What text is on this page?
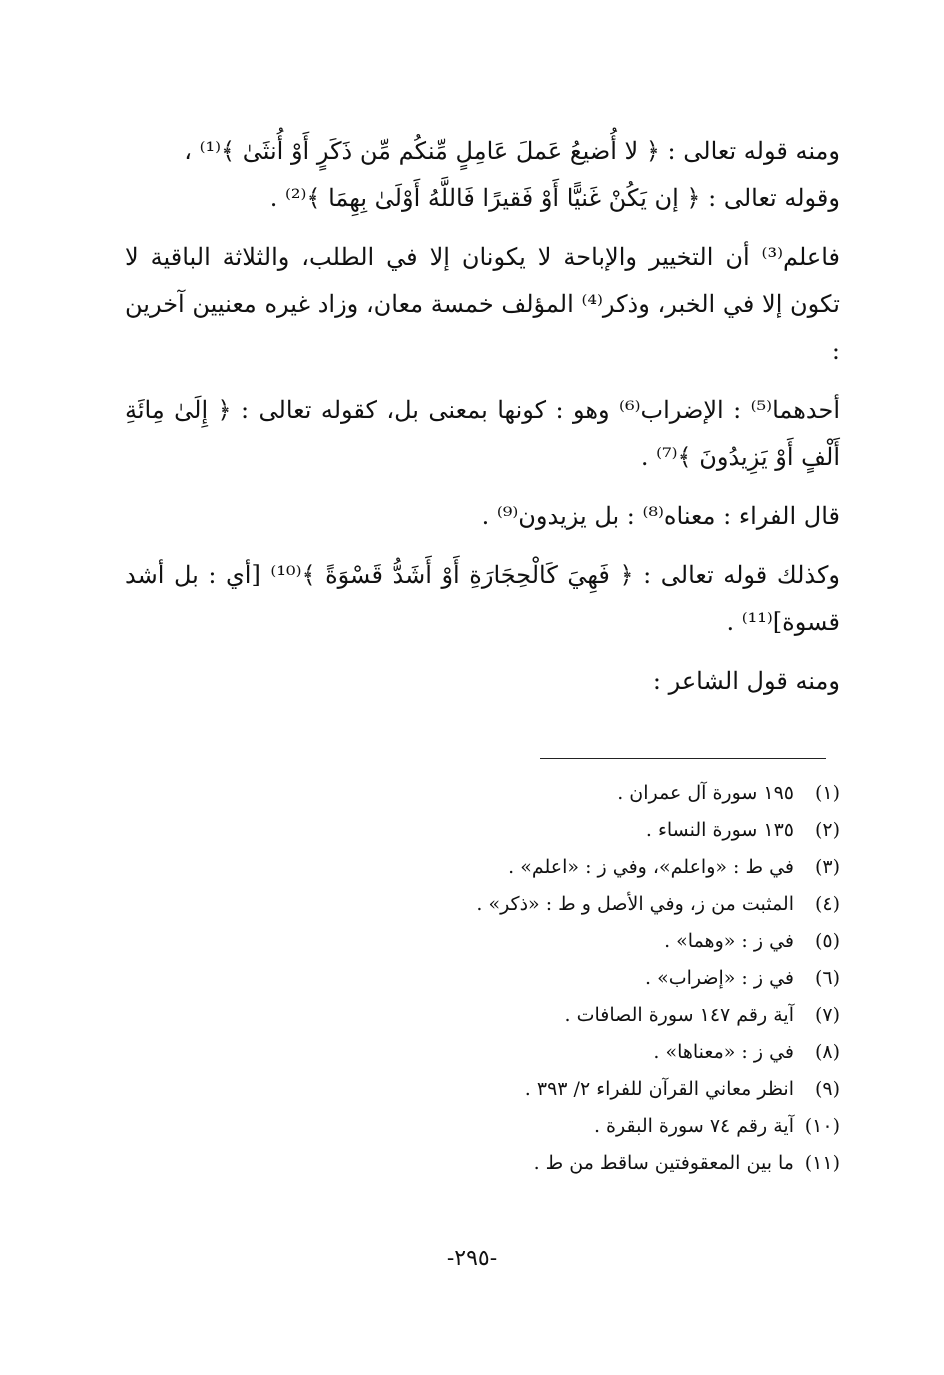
ومنه قوله تعالى : ﴿ لا أُضيعُ عَملَ عَامِلٍ مِّنكُم مِّن ذَكَرٍ أَوْ أُنثَىٰ ﴾⁽¹⁾ ،
وقوله تعالى : ﴿ إن يَكُنْ غَنيًّا أَوْ فَقيرًا فَاللَّهُ أَوْلَىٰ بِهِمَا ﴾⁽²⁾ .

فاعلم⁽³⁾ أن التخيير والإباحة لا يكونان إلا في الطلب، والثلاثة الباقية لا تكون إلا في الخبر، وذكر⁽⁴⁾ المؤلف خمسة معان، وزاد غيره معنيين آخرين :

أحدهما⁽⁵⁾ : الإضراب⁽⁶⁾ وهو : كونها بمعنى بل، كقوله تعالى : ﴿ إِلَىٰ مِائَةِ أَلْفٍ أَوْ يَزِيدُونَ ﴾⁽⁷⁾ .

قال الفراء : معناه⁽⁸⁾ : بل يزيدون⁽⁹⁾ .

وكذلك قوله تعالى : ﴿ فَهِيَ كَالْحِجَارَةِ أَوْ أَشَدُّ قَسْوَةً ﴾⁽¹⁰⁾ [أي : بل أشد قسوة]⁽¹¹⁾ .

ومنه قول الشاعر :

(١)١٩٥ سورة آل عمران .
(٢)١٣٥ سورة النساء .
(٣)في ط : «واعلم»، وفي ز : «اعلم» .
(٤)المثبت من ز، وفي الأصل و ط : «ذكر» .
(٥)في ز : «وهما» .
(٦)في ز : «إضراب» .
(٧)آية رقم ١٤٧ سورة الصافات .
(٨)في ز : «معناها» .
(٩)انظر معاني القرآن للفراء ٢/ ٣٩٣ .
(١٠)آية رقم ٧٤ سورة البقرة .
(١١)ما بين المعقوفتين ساقط من ط .
-٢٩٥-
